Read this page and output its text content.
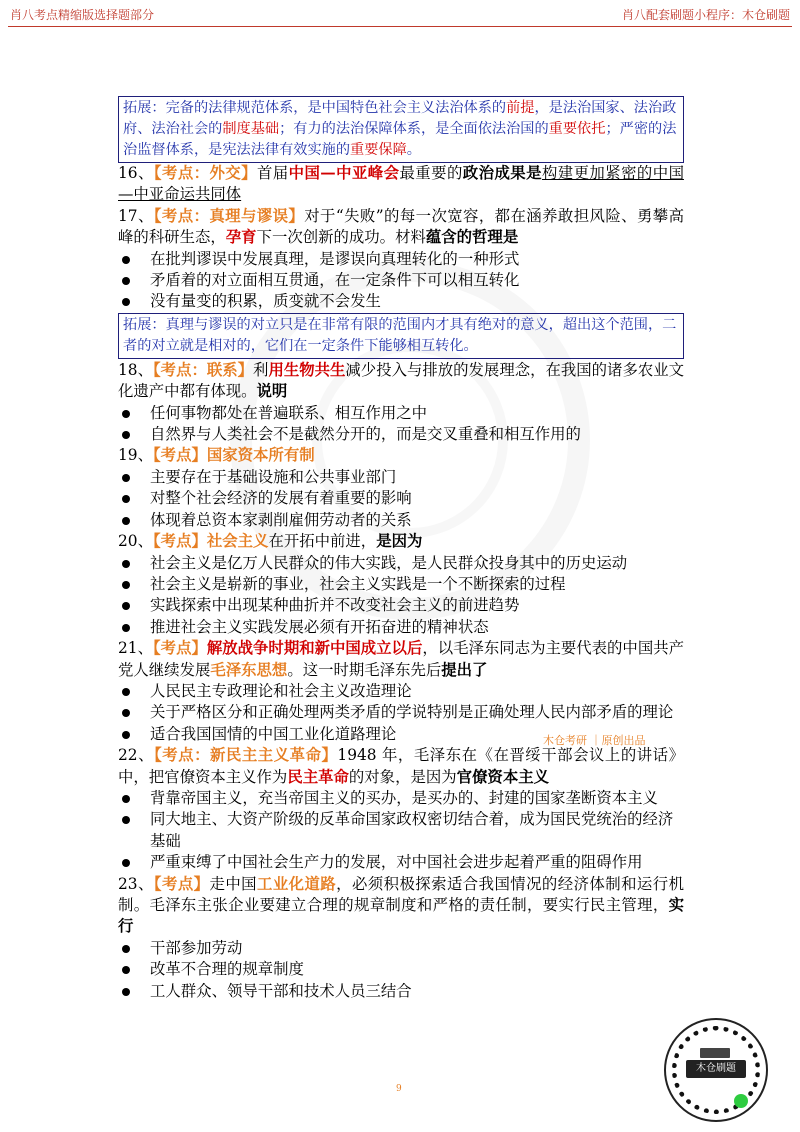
肖八考点精缩版选择题部分	肖八配套刷题小程序：木仓刷题
拓展：完备的法律规范体系，是中国特色社会主义法治体系的前提，是法治国家、法治政府、法治社会的制度基础；有力的法治保障体系，是全面依法治国的重要依托；严密的法治监督体系，是宪法法律有效实施的重要保障。

16、【考点：外交】首届中国—中亚峰会最重要的政治成果是构建更加紧密的中国—中亚命运共同体

17、【考点：真理与谬误】对于“失败”的每一次宽容，都在涵养敢担风险、勇攀高峰的科研生态，孕育下一次创新的成功。材料蕴含的哲理是

在批判谬误中发展真理，是谬误向真理转化的一种形式

矛盾着的对立面相互贯通，在一定条件下可以相互转化

没有量变的积累，质变就不会发生

拓展：真理与谬误的对立只是在非常有限的范围内才具有绝对的意义，超出这个范围，二者的对立就是相对的，它们在一定条件下能够相互转化。

18、【考点：联系】利用生物共生减少投入与排放的发展理念，在我国的诸多农业文化遗产中都有体现。说明

任何事物都处在普遍联系、相互作用之中

自然界与人类社会不是截然分开的，而是交叉重叠和相互作用的

19、【考点】国家资本所有制

主要存在于基础设施和公共事业部门

对整个社会经济的发展有着重要的影响

体现着总资本家剥削雇佣劳动者的关系

20、【考点】社会主义在开拓中前进，是因为

社会主义是亿万人民群众的伟大实践，是人民群众投身其中的历史运动

社会主义是崭新的事业，社会主义实践是一个不断探索的过程

实践探索中出现某种曲折并不改变社会主义的前进趋势

推进社会主义实践发展必须有开拓奋进的精神状态

21、【考点】解放战争时期和新中国成立以后，以毛泽东同志为主要代表的中国共产党人继续发展毛泽东思想。这一时期毛泽东先后提出了

人民民主专政理论和社会主义改造理论

关于严格区分和正确处理两类矛盾的学说特别是正确处理人民内部矛盾的理论

适合我国国情的中国工业化道路理论

22、【考点：新民主主义革命】1948 年，毛泽东在《在晋绥干部会议上的讲话》中，把官僚资本主义作为民主革命的对象，是因为官僚资本主义

背靠帝国主义，充当帝国主义的买办，是买办的、封建的国家垄断资本主义

同大地主、大资产阶级的反革命国家政权密切结合着，成为国民党统治的经济基础

严重束缚了中国社会生产力的发展，对中国社会进步起着严重的阻碍作用

23、【考点】走中国工业化道路，必须积极探索适合我国情况的经济体制和运行机制。毛泽东主张企业要建立合理的规章制度和严格的责任制，要实行民主管理，实行

干部参加劳动

改革不合理的规章制度

工人群众、领导干部和技术人员三结合

木仓考研 ｜原创出品
9
木仓刷题
